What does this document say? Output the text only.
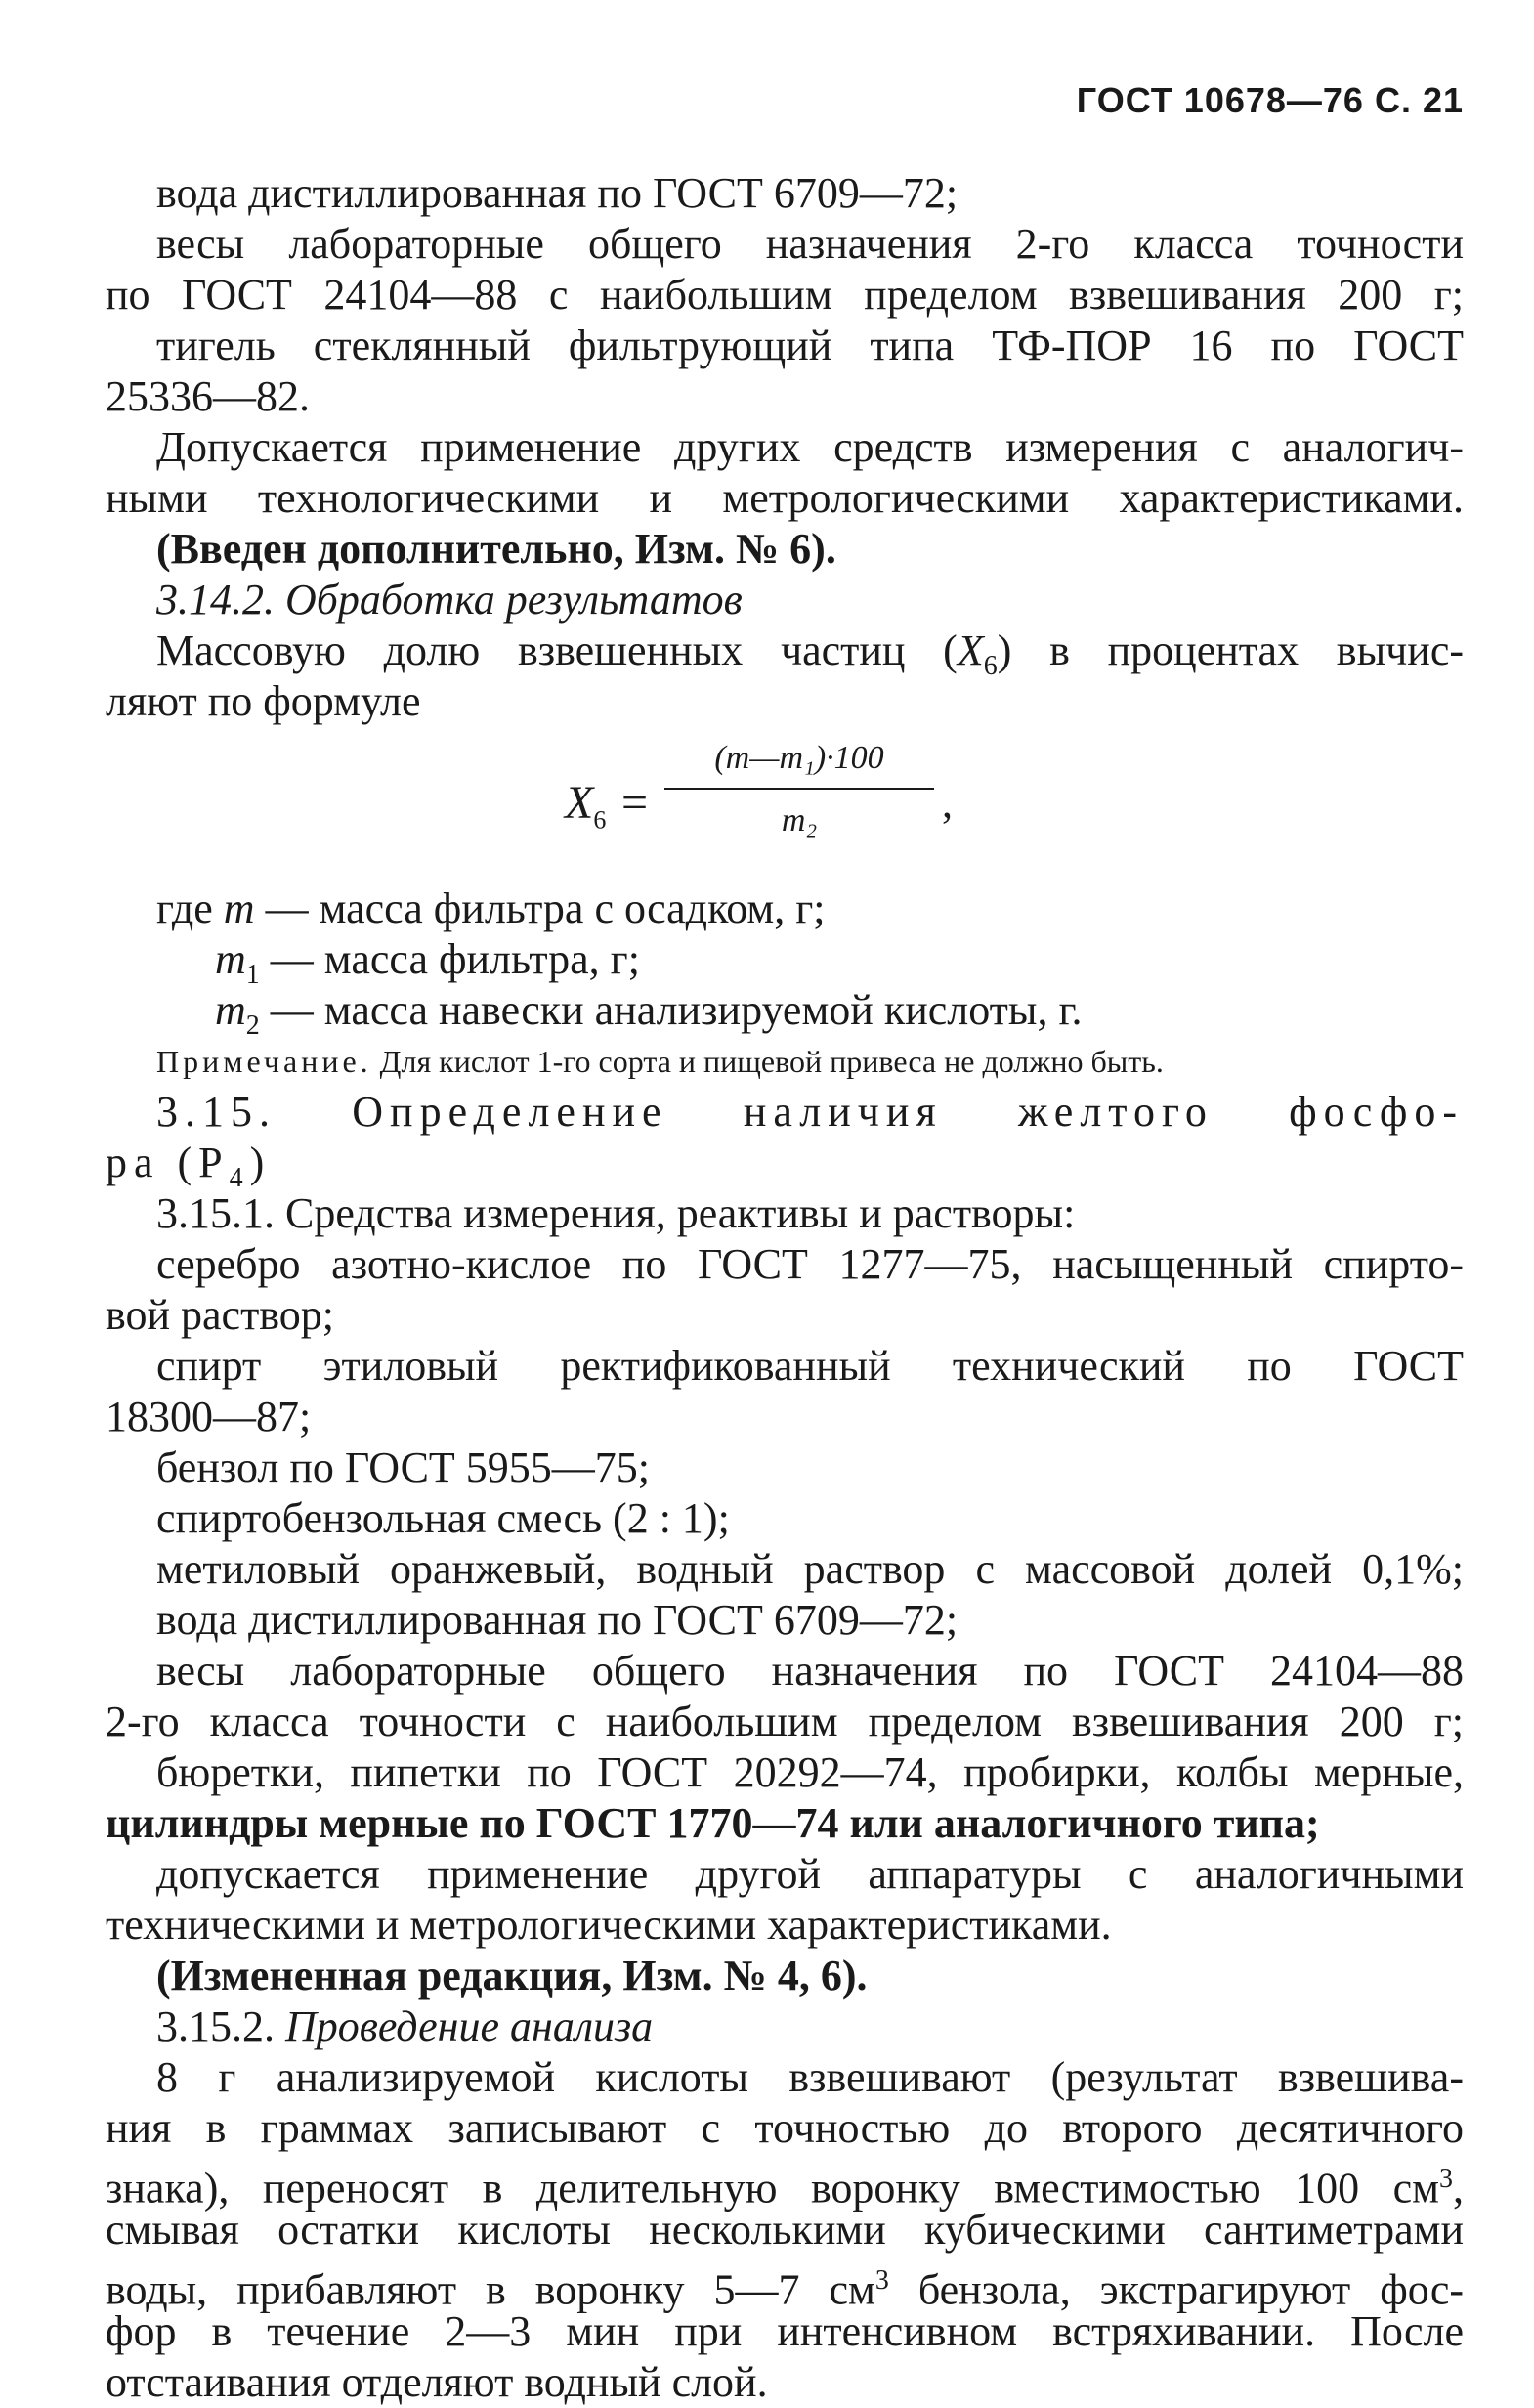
ГОСТ 10678—76 С. 21
вода дистиллированная по ГОСТ 6709—72;
весы лабораторные общего назначения 2-го класса точности
по ГОСТ 24104—88 с наибольшим пределом взвешивания 200 г;
тигель стеклянный фильтрующий типа ТФ-ПОР 16 по ГОСТ
25336—82.
Допускается применение других средств измерения с аналогич-
ными технологическими и метрологическими характеристиками.
(Введен дополнительно, Изм. № 6).
3.14.2. Обработка результатов
Массовую долю взвешенных частиц $(X_6)$ в процентах вычис-
ляют по формуле
$X_6 = \frac{\text{(m—m₁)·100}}{\text{m₂}}$ ,
где m — масса фильтра с осадком, г;
$m_1$ — масса фильтра, г;
$m_2$ — масса навески анализируемой кислоты, г.
Примечание. Для кислот 1-го сорта и пищевой привеса не должно быть.
3.15. Определение наличия желтого фосфо-
ра $(P_4)$
3.15.1. Средства измерения, реактивы и растворы:
серебро азотно-кислое по ГОСТ 1277—75, насыщенный спирто-
вой раствор;
спирт этиловый ректификованный технический по ГОСТ
18300—87;
бензол по ГОСТ 5955—75;
спиртобензольная смесь (2 : 1);
метиловый оранжевый, водный раствор с массовой долей 0,1%;
вода дистиллированная по ГОСТ 6709—72;
весы лабораторные общего назначения по ГОСТ 24104—88
2-го класса точности с наибольшим пределом взвешивания 200 г;
бюретки, пипетки по ГОСТ 20292—74, пробирки, колбы мерные,
цилиндры мерные по ГОСТ 1770—74 или аналогичного типа;
допускается применение другой аппаратуры с аналогичными
техническими и метрологическими характеристиками.
(Измененная редакция, Изм. № 4, 6).
3.15.2. Проведение анализа
8 г анализируемой кислоты взвешивают (результат взвешива-
ния в граммах записывают с точностью до второго десятичного
знака), переносят в делительную воронку вместимостью 100 $см^3$,
смывая остатки кислоты несколькими кубическими сантиметрами
воды, прибавляют в воронку 5—7 $см^3$ бензола, экстрагируют фос-
фор в течение 2—3 мин при интенсивном встряхивании. После
отстаивания отделяют водный слой.
